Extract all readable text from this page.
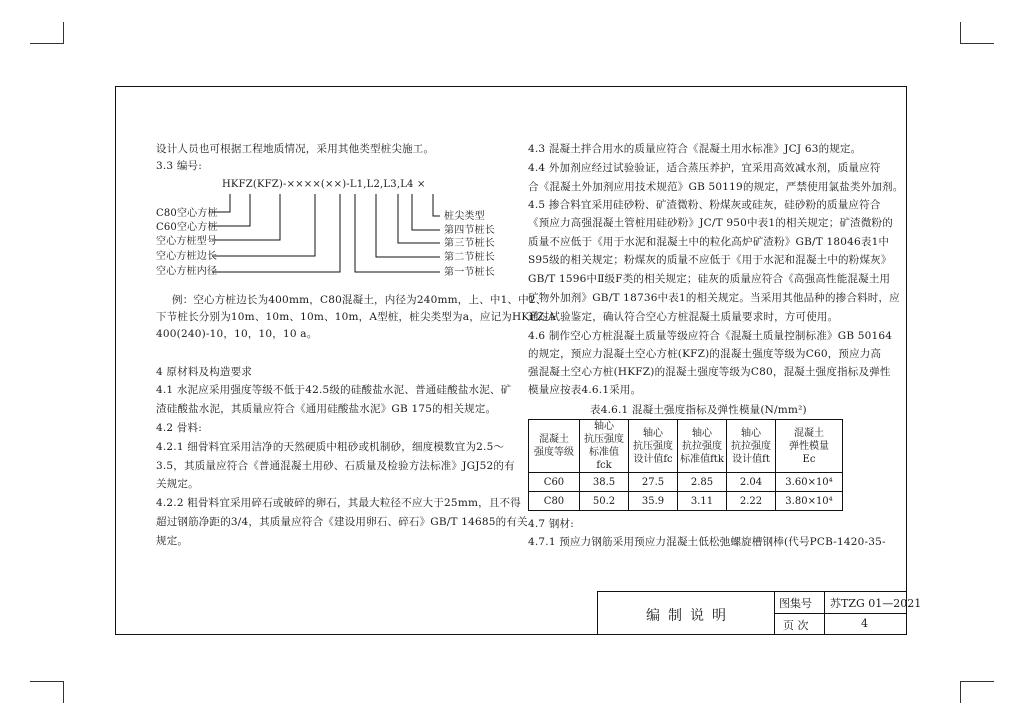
设计人员也可根据工程地质情况，采用其他类型桩尖施工。
3.3 编号:
HKFZ(KFZ)-××××(××)-L1,L2,L3,L4 ×
C80空心方桩
C60空心方桩
空心方桩型号
空心方桩边长
空心方桩内径
桩尖类型
第四节桩长
第三节桩长
第二节桩长
第一节桩长
例：空心方桩边长为400mm，C80混凝土，内径为240mm，上、中1、中2、
下节桩长分别为10m、10m、10m、10m，A型桩，桩尖类型为a，应记为HKFZ-A
400(240)-10，10，10，10 a。
4 原材料及构造要求
4.1 水泥应采用强度等级不低于42.5级的硅酸盐水泥、普通硅酸盐水泥、矿
渣硅酸盐水泥，其质量应符合《通用硅酸盐水泥》GB 175的相关规定。
4.2 骨料:
4.2.1 细骨料宜采用洁净的天然硬质中粗砂或机制砂，细度模数宜为2.5～
3.5，其质量应符合《普通混凝土用砂、石质量及检验方法标准》JGJ52的有
关规定。
4.2.2 粗骨料宜采用碎石或破碎的卵石，其最大粒径不应大于25mm，且不得
超过钢筋净距的3/4，其质量应符合《建设用卵石、碎石》GB/T 14685的有关
规定。
4.3 混凝土拌合用水的质量应符合《混凝土用水标准》JCJ 63的规定。
4.4 外加剂应经过试验验证，适合蒸压养护，宜采用高效减水剂，质量应符
合《混凝土外加剂应用技术规范》GB 50119的规定，严禁使用氯盐类外加剂。
4.5 掺合料宜采用硅砂粉、矿渣微粉、粉煤灰或硅灰，硅砂粉的质量应符合
《预应力高强混凝土管桩用硅砂粉》JC/T 950中表1的相关规定；矿渣微粉的
质量不应低于《用于水泥和混凝土中的粒化高炉矿渣粉》GB/T 18046表1中
S95级的相关规定；粉煤灰的质量不应低于《用于水泥和混凝土中的粉煤灰》
GB/T 1596中Ⅱ级F类的相关规定；硅灰的质量应符合《高强高性能混凝土用
矿物外加剂》GB/T 18736中表1的相关规定。当采用其他品种的掺合料时，应
通过试验鉴定，确认符合空心方桩混凝土质量要求时，方可使用。
4.6 制作空心方桩混凝土质量等级应符合《混凝土质量控制标准》GB 50164
的规定，预应力混凝土空心方桩(KFZ)的混凝土强度等级为C60，预应力高
强混凝土空心方桩(HKFZ)的混凝土强度等级为C80，混凝土强度指标及弹性
模量应按表4.6.1采用。
表4.6.1 混凝土强度指标及弹性模量(N/mm²)
混凝土
强度等级	轴心
抗压强度
标准值fck	轴心
抗压强度
设计值fc	轴心
抗拉强度
标准值ftk	轴心
抗拉强度
设计值ft	混凝土
弹性模量
Ec
C60	38.5	27.5	2.85	2.04	3.60×10⁴
C80	50.2	35.9	3.11	2.22	3.80×10⁴
4.7 钢材:
4.7.1 预应力钢筋采用预应力混凝土低松弛螺旋槽钢棒(代号PCB-1420-35-
编制说明
图集号 苏TZG 01—2021
页 次	4
